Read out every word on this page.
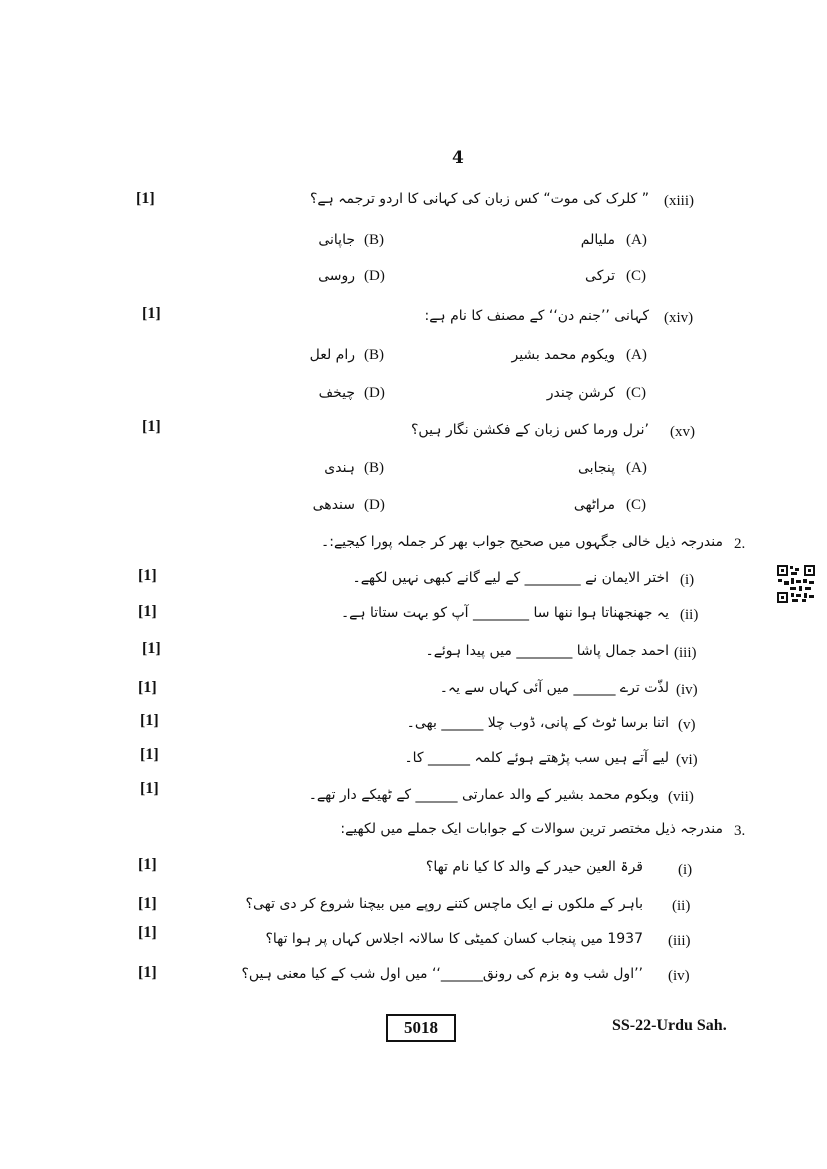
4
[1]	(xiii)
” کلرک کی موت“ کس زبان کی کہانی کا اردو ترجمہ ہے؟
(A)
ملیالم
(B)
جاپانی
(C)
ترکی
(D)
روسی
[1]	(xiv)
کہانی ’’جنم دن‘‘ کے مصنف کا نام ہے:
(A)
ویکوم محمد بشیر
(B)
رام لعل
(C)
کرشن چندر
(D)
چیخف
[1]	(xv)
’نرل ورما کس زبان کے فکشن نگار ہیں؟
(A)
پنجابی
(B)
ہندی
(C)
مراٹھی
(D)
سندھی
2.
مندرجہ ذیل خالی جگہوں میں صحیح جواب بھر کر جملہ پورا کیجیے:۔
[1]	(i)
اختر الایمان نے ________ کے لیے گانے کبھی نہیں لکھے۔
[1]	(ii)
یہ جھنجھناتا ہوا ننھا سا ________ آپ کو بہت ستاتا ہے۔
[1]	(iii)
احمد جمال پاشا ________ میں پیدا ہوئے۔
[1]	(iv)
لذّت ترے ______ میں آئی کہاں سے یہ۔
[1]	(v)
اتنا برسا ٹوٹ کے پانی، ڈوب چلا ______ بھی۔
[1]	(vi)
لیے آتے ہیں سب پڑھتے ہوئے کلمہ ______ کا۔
[1]	(vii)
ویکوم محمد بشیر کے والد عمارتی ______ کے ٹھیکے دار تھے۔
3.
مندرجہ ذیل مختصر ترین سوالات کے جوابات ایک جملے میں لکھیے:
[1]	(i)
قرۃ العین حیدر کے والد کا کیا نام تھا؟
[1]	(ii)
باہر کے ملکوں نے ایک ماچس کتنے روپے میں بیچنا شروع کر دی تھی؟
[1]	(iii)
1937 میں پنجاب کسان کمیٹی کا سالانہ اجلاس کہاں پر ہوا تھا؟
[1]	(iv)
’’اول شب وہ بزم کی رونق______‘‘ میں اول شب کے کیا معنی ہیں؟
5018	SS-22-Urdu Sah.
